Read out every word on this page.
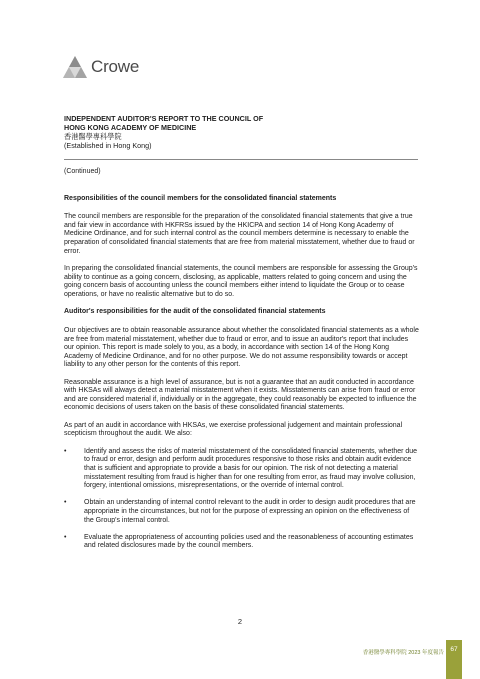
Crowe
INDEPENDENT AUDITOR'S REPORT TO THE COUNCIL OF
HONG KONG ACADEMY OF MEDICINE
香港醫學專科學院
(Established in Hong Kong)

(Continued)

Responsibilities of the council members for the consolidated financial statements

The council members are responsible for the preparation of the consolidated financial statements that give a true and fair view in accordance with HKFRSs issued by the HKICPA and section 14 of Hong Kong Academy of Medicine Ordinance, and for such internal control as the council members determine is necessary to enable the preparation of consolidated financial statements that are free from material misstatement, whether due to fraud or error.

In preparing the consolidated financial statements, the council members are responsible for assessing the Group's ability to continue as a going concern, disclosing, as applicable, matters related to going concern and using the going concern basis of accounting unless the council members either intend to liquidate the Group or to cease operations, or have no realistic alternative but to do so.

Auditor's responsibilities for the audit of the consolidated financial statements

Our objectives are to obtain reasonable assurance about whether the consolidated financial statements as a whole are free from material misstatement, whether due to fraud or error, and to issue an auditor's report that includes our opinion. This report is made solely to you, as a body, in accordance with section 14 of the Hong Kong Academy of Medicine Ordinance, and for no other purpose. We do not assume responsibility towards or accept liability to any other person for the contents of this report.

Reasonable assurance is a high level of assurance, but is not a guarantee that an audit conducted in accordance with HKSAs will always detect a material misstatement when it exists. Misstatements can arise from fraud or error and are considered material if, individually or in the aggregate, they could reasonably be expected to influence the economic decisions of users taken on the basis of these consolidated financial statements.

As part of an audit in accordance with HKSAs, we exercise professional judgement and maintain professional scepticism throughout the audit. We also:

•	Identify and assess the risks of material misstatement of the consolidated financial statements, whether due to fraud or error, design and perform audit procedures responsive to those risks and obtain audit evidence that is sufficient and appropriate to provide a basis for our opinion. The risk of not detecting a material misstatement resulting from fraud is higher than for one resulting from error, as fraud may involve collusion, forgery, intentional omissions, misrepresentations, or the override of internal control.
•	Obtain an understanding of internal control relevant to the audit in order to design audit procedures that are appropriate in the circumstances, but not for the purpose of expressing an opinion on the effectiveness of the Group's internal control.
•	Evaluate the appropriateness of accounting policies used and the reasonableness of accounting estimates and related disclosures made by the council members.
2
香港醫學專科學院 2023 年度報告 67
